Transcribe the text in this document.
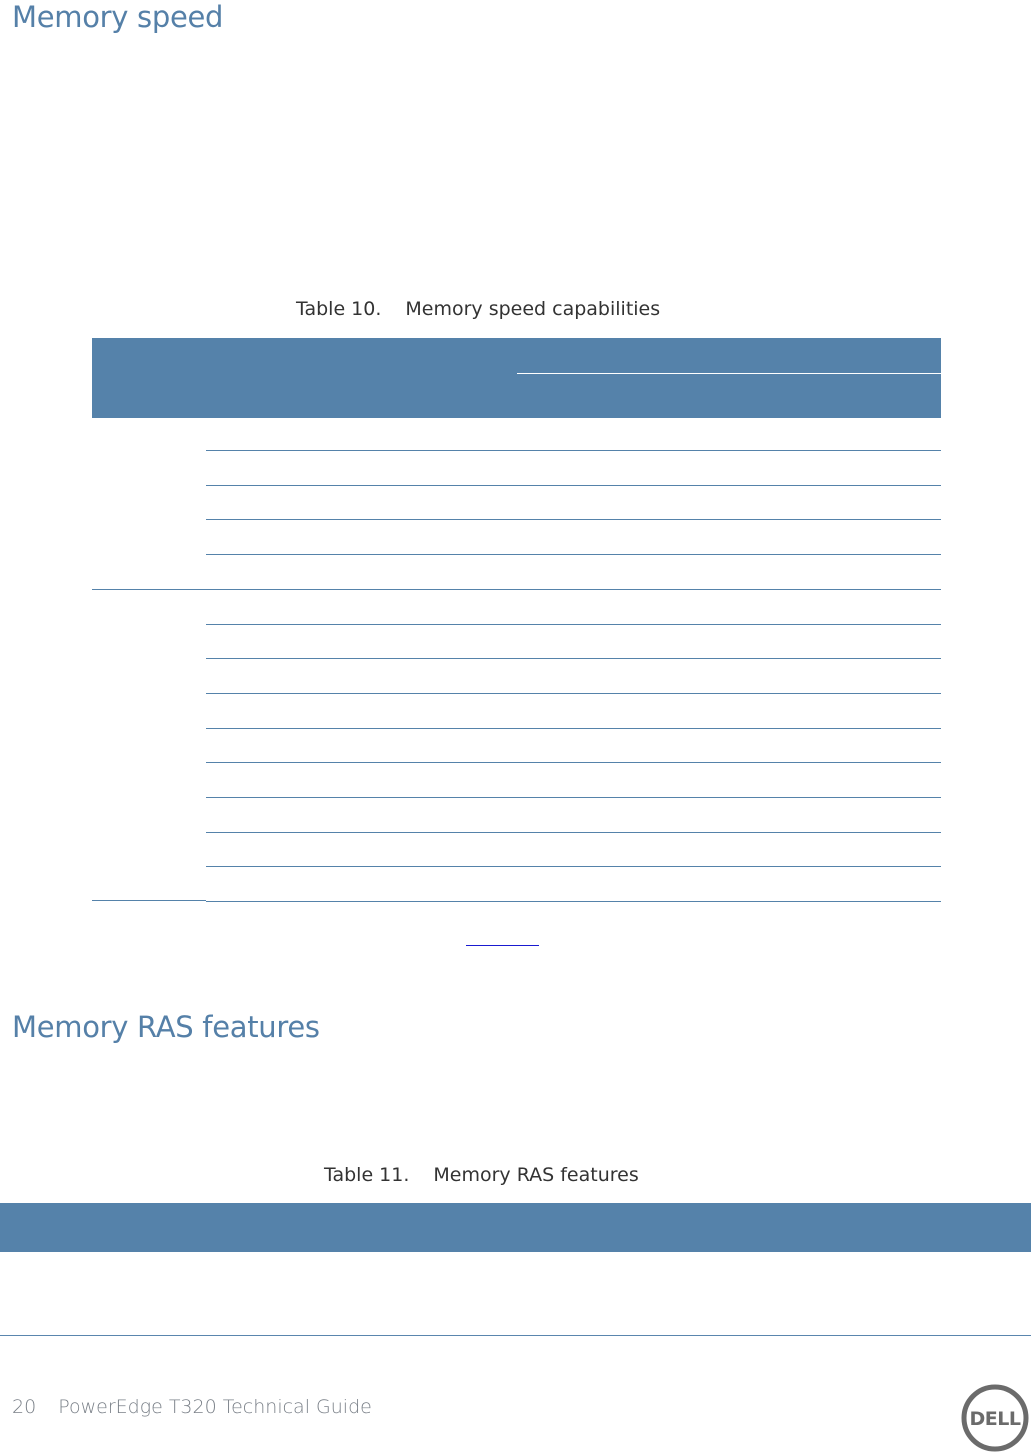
Memory speed
Table 10. Memory speed capabilities
Memory RAS features
Table 11. Memory RAS features
20 PowerEdge T320 Technical Guide
DELL
